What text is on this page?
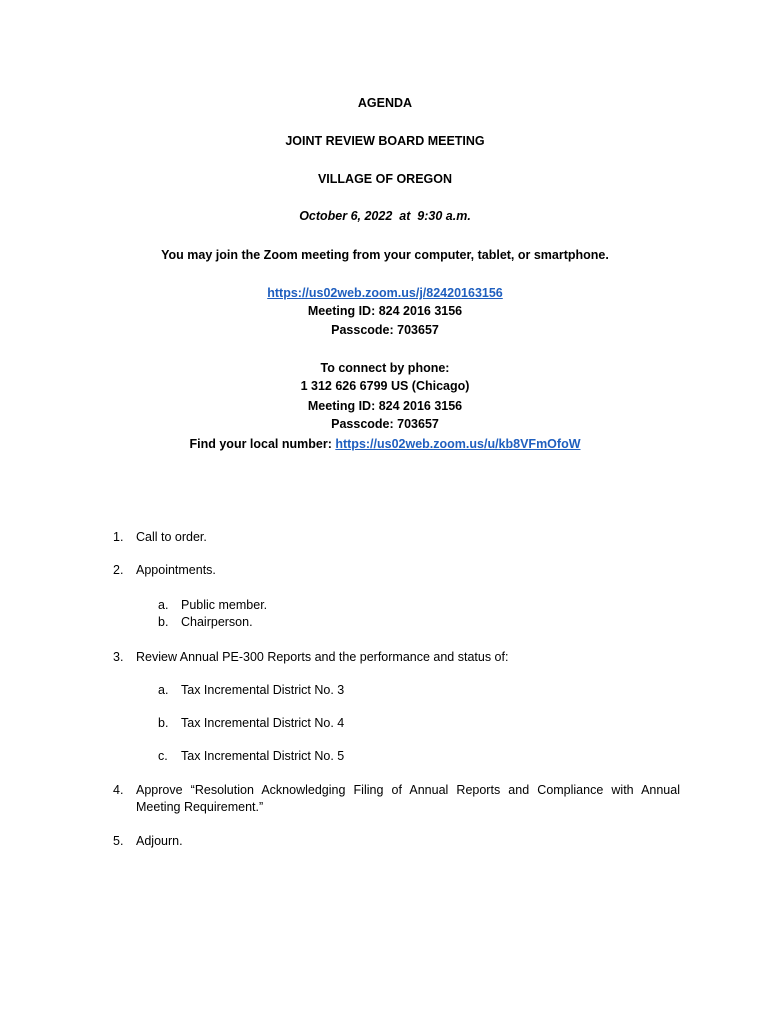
AGENDA
JOINT REVIEW BOARD MEETING
VILLAGE OF OREGON
October 6, 2022  at  9:30 a.m.
You may join the Zoom meeting from your computer, tablet, or smartphone.
https://us02web.zoom.us/j/82420163156
Meeting ID: 824 2016 3156
Passcode: 703657
To connect by phone:
1 312 626 6799 US (Chicago)
Meeting ID: 824 2016 3156
Passcode: 703657
Find your local number: https://us02web.zoom.us/u/kb8VFmOfoW
1.	Call to order.
2.	Appointments.
a.	Public member.
b.	Chairperson.
3.	Review Annual PE-300 Reports and the performance and status of:
a.	Tax Incremental District No. 3
b.	Tax Incremental District No. 4
c.	Tax Incremental District No. 5
4.	Approve “Resolution Acknowledging Filing of Annual Reports and Compliance with Annual
Meeting Requirement.”
5.	Adjourn.
